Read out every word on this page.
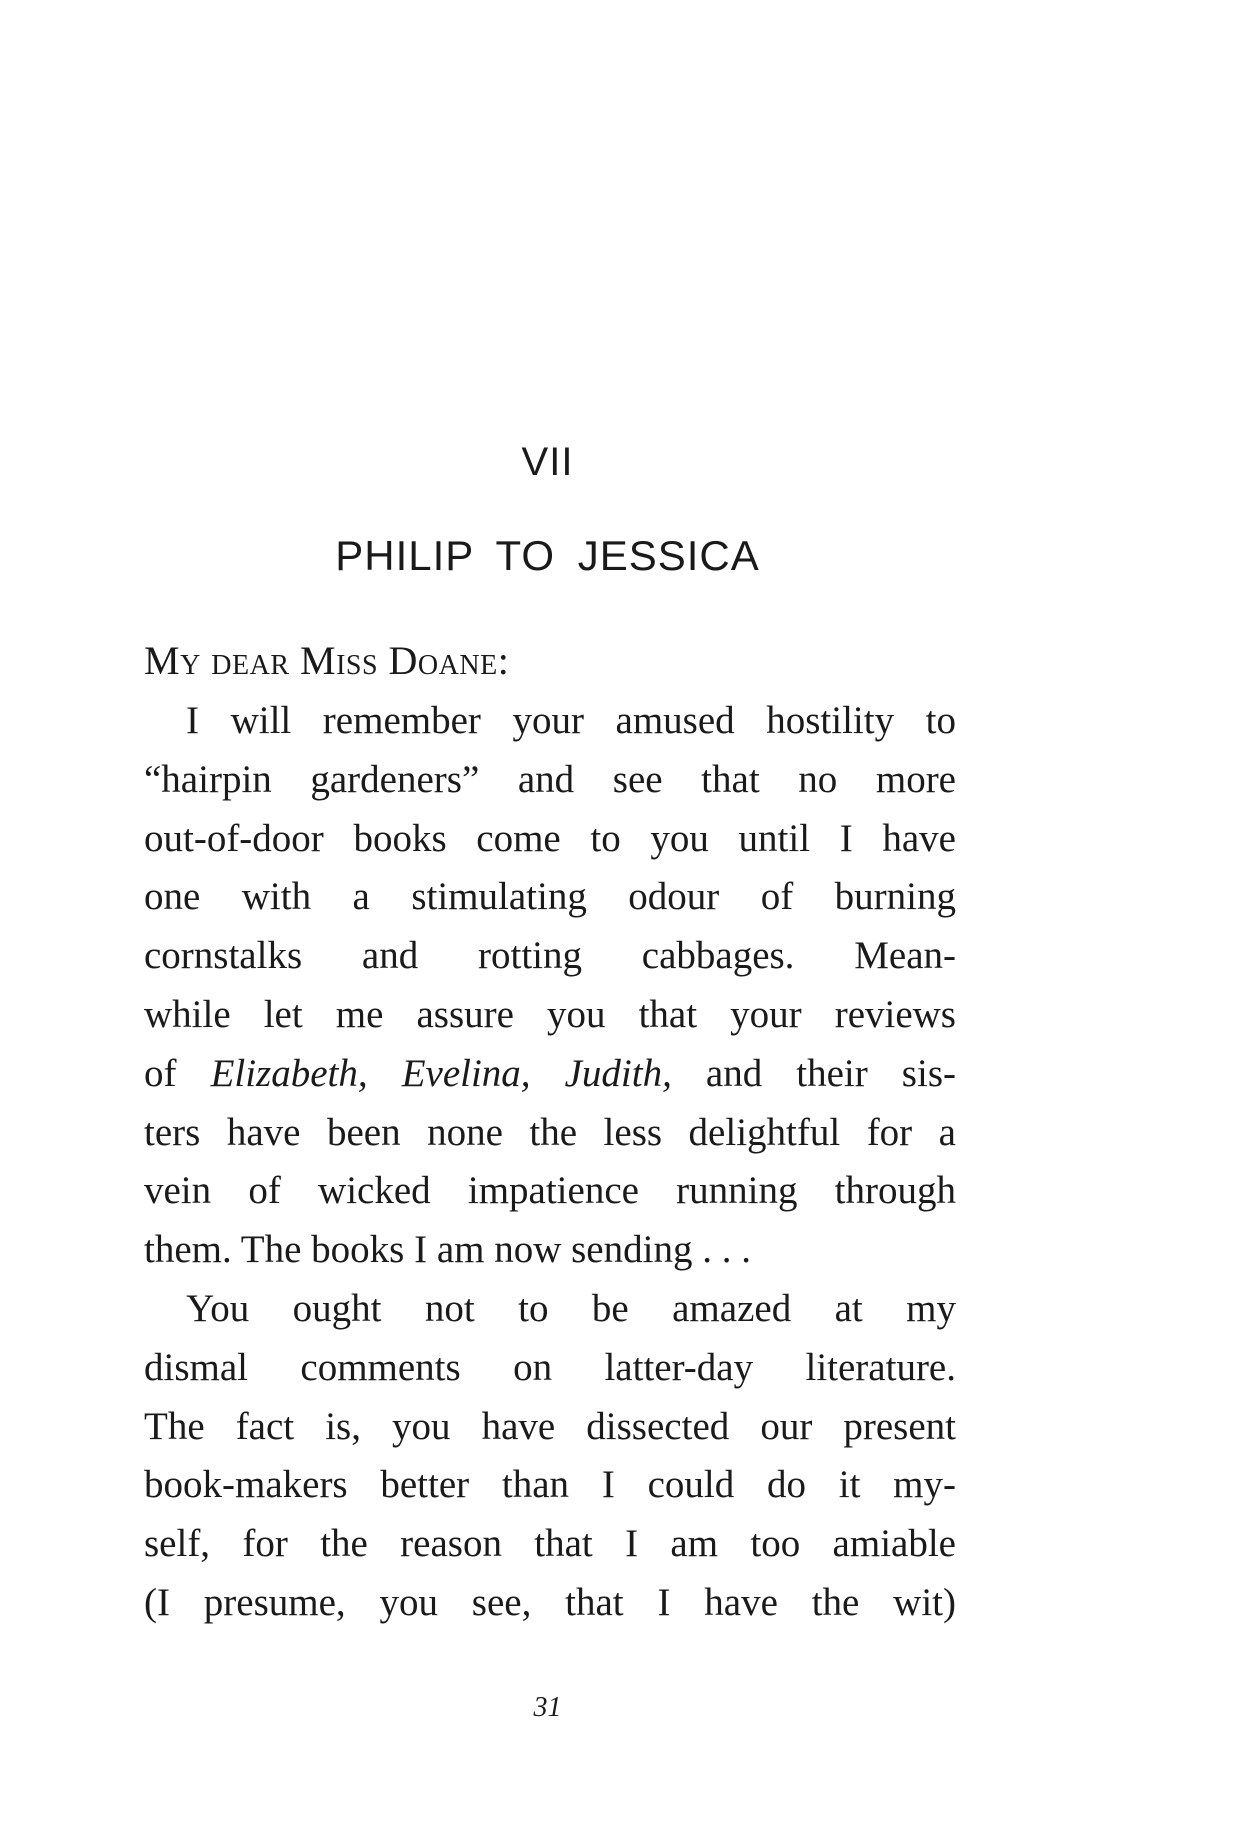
VII
PHILIP TO JESSICA
My dear Miss Doane:
I will remember your amused hostility to
“hairpin gardeners” and see that no more
out-of-door books come to you until I have
one with a stimulating odour of burning
cornstalks and rotting cabbages. Mean-
while let me assure you that your reviews
of Elizabeth, Evelina, Judith, and their sis-
ters have been none the less delightful for a
vein of wicked impatience running through
them. The books I am now sending . . .
You ought not to be amazed at my
dismal comments on latter-day literature.
The fact is, you have dissected our present
book-makers better than I could do it my-
self, for the reason that I am too amiable
(I presume, you see, that I have the wit)
31
